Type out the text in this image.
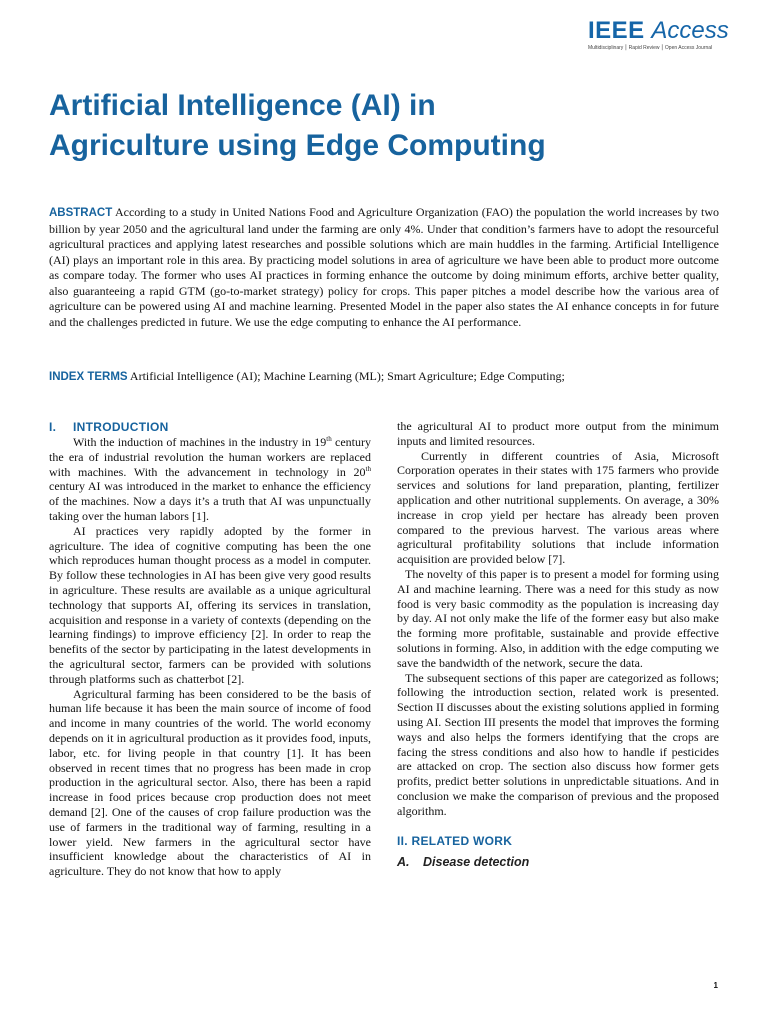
IEEE Access
Multidisciplinary ⎮ Rapid Review ⎮ Open Access Journal
Artificial Intelligence (AI) in
Agriculture using Edge Computing

ABSTRACT According to a study in United Nations Food and Agriculture Organization (FAO) the population the world increases by two billion by year 2050 and the agricultural land under the farming are only 4%. Under that condition’s farmers have to adopt the resourceful agricultural practices and applying latest researches and possible solutions which are main huddles in the farming. Artificial Intelligence (AI) plays an important role in this area. By practicing model solutions in area of agriculture we have been able to product more outcome as compare today. The former who uses AI practices in forming enhance the outcome by doing minimum efforts, archive better quality, also guaranteeing a rapid GTM (go-to-market strategy) policy for crops. This paper pitches a model describe how the various area of agriculture can be powered using AI and machine learning. Presented Model in the paper also states the AI enhance concepts in for future and the challenges predicted in future. We use the edge computing to enhance the AI performance.

INDEX TERMS Artificial Intelligence (AI); Machine Learning (ML); Smart Agriculture; Edge Computing;

I. INTRODUCTION

With the induction of machines in the industry in 19th century the era of industrial revolution the human workers are replaced with machines. With the advancement in technology in 20th century AI was introduced in the market to enhance the efficiency of the machines. Now a days it’s a truth that AI was unpunctually taking over the human labors [1].

AI practices very rapidly adopted by the former in agriculture. The idea of cognitive computing has been the one which reproduces human thought process as a model in computer. By follow these technologies in AI has been give very good results in agriculture. These results are available as a unique agricultural technology that supports AI, offering its services in translation, acquisition and response in a variety of contexts (depending on the learning findings) to improve efficiency [2]. In order to reap the benefits of the sector by participating in the latest developments in the agricultural sector, farmers can be provided with solutions through platforms such as chatterbot [2].

Agricultural farming has been considered to be the basis of human life because it has been the main source of income of food and income in many countries of the world. The world economy depends on it in agricultural production as it provides food, inputs, labor, etc. for living people in that country [1]. It has been observed in recent times that no progress has been made in crop production in the agricultural sector. Also, there has been a rapid increase in food prices because crop production does not meet demand [2]. One of the causes of crop failure production was the use of farmers in the traditional way of farming, resulting in a lower yield. New farmers in the agricultural sector have insufficient knowledge about the characteristics of AI in agriculture. They do not know that how to apply

the agricultural AI to product more output from the minimum inputs and limited resources.

Currently in different countries of Asia, Microsoft Corporation operates in their states with 175 farmers who provide services and solutions for land preparation, planting, fertilizer application and other nutritional supplements. On average, a 30% increase in crop yield per hectare has already been proven compared to the previous harvest. The various areas where agricultural profitability solutions that include information acquisition are provided below [7].

The novelty of this paper is to present a model for forming using AI and machine learning. There was a need for this study as now food is very basic commodity as the population is increasing day by day. AI not only make the life of the former easy but also make the forming more profitable, sustainable and provide effective solutions in forming. Also, in addition with the edge computing we save the bandwidth of the network, secure the data.

The subsequent sections of this paper are categorized as follows; following the introduction section, related work is presented. Section II discusses about the existing solutions applied in forming using AI. Section III presents the model that improves the forming ways and also helps the formers identifying that the crops are facing the stress conditions and also how to handle if pesticides are attacked on crop. The section also discuss how former gets profits, predict better solutions in unpredictable situations. And in conclusion we make the comparison of previous and the proposed algorithm.

II. RELATED WORK
A. Disease detection
1
